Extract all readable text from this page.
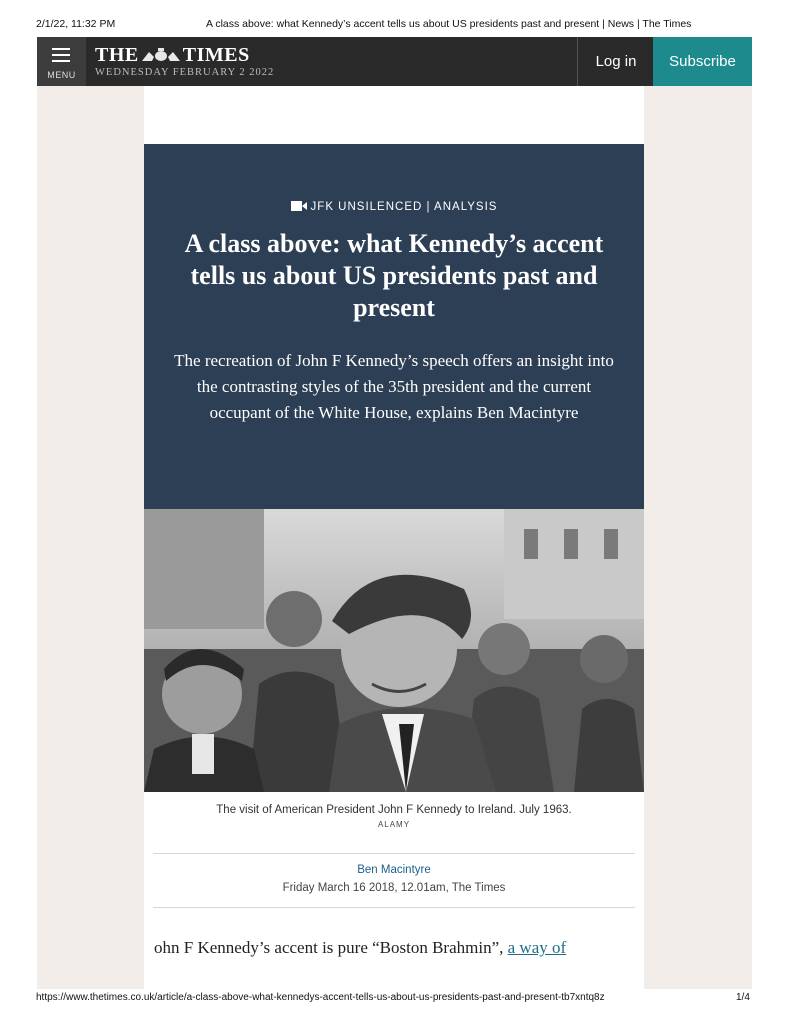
2/1/22, 11:32 PM	A class above: what Kennedy’s accent tells us about US presidents past and present | News | The Times
MENU
THE TIMES
WEDNESDAY FEBRUARY 2 2022
Log in	Subscribe
JFK UNSILENCED | ANALYSIS
A class above: what Kennedy’s accent tells us about US presidents past and present

The recreation of John F Kennedy’s speech offers an insight into the contrasting styles of the 35th president and the current occupant of the White House, explains Ben Macintyre

The visit of American President John F Kennedy to Ireland. July 1963.
ALAMY
Ben Macintyre
Friday March 16 2018, 12.01am, The Times

ohn F Kennedy’s accent is pure “Boston Brahmin”, a way of

https://www.thetimes.co.uk/article/a-class-above-what-kennedys-accent-tells-us-about-us-presidents-past-and-present-tb7xntq8z	1/4
